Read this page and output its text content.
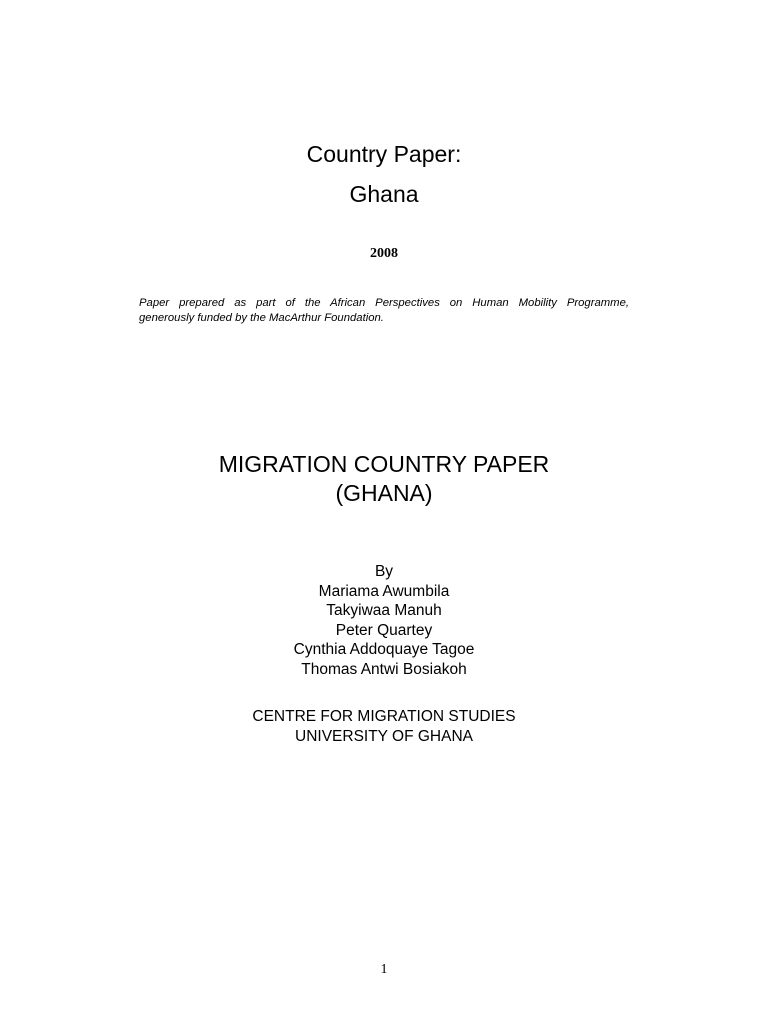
Country Paper:
Ghana
2008
Paper prepared as part of the African Perspectives on Human Mobility Programme,
generously funded by the MacArthur Foundation.
MIGRATION COUNTRY PAPER
(GHANA)
By
Mariama Awumbila
Takyiwaa Manuh
Peter Quartey
Cynthia Addoquaye Tagoe
Thomas Antwi Bosiakoh
CENTRE FOR MIGRATION STUDIES
UNIVERSITY OF GHANA
1
